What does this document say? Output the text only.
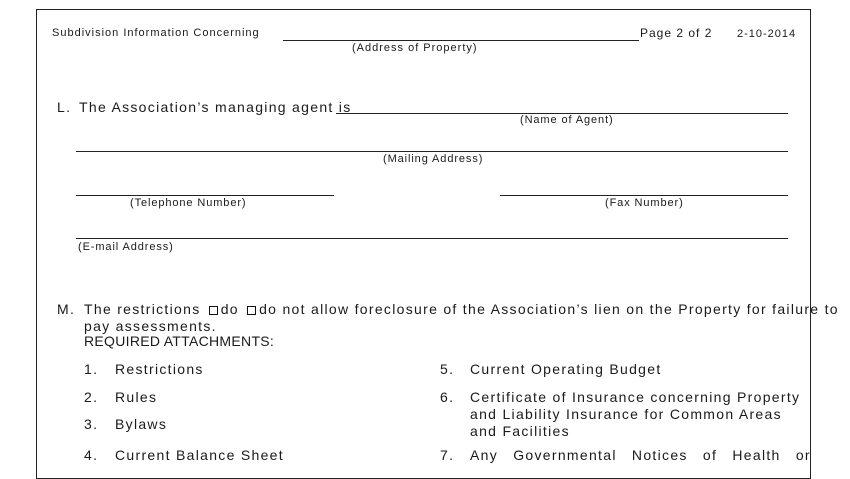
Subdivision Information Concerning
(Address of Property)
Page 2 of 2 2-10-2014
L. The Association’s managing agent is
(Name of Agent)
(Mailing Address)
(Telephone Number)	(Fax Number)
(E-mail Address)
M. The restrictions do do not allow foreclosure of the Association’s lien on the Property for failure to
pay assessments.
REQUIRED ATTACHMENTS:
1. Restrictions
2. Rules
3. Bylaws
4. Current Balance Sheet
5. Current Operating Budget
6. Certificate of Insurance concerning Property
and Liability Insurance for Common Areas
and Facilities
7. Any Governmental Notices of Health or
